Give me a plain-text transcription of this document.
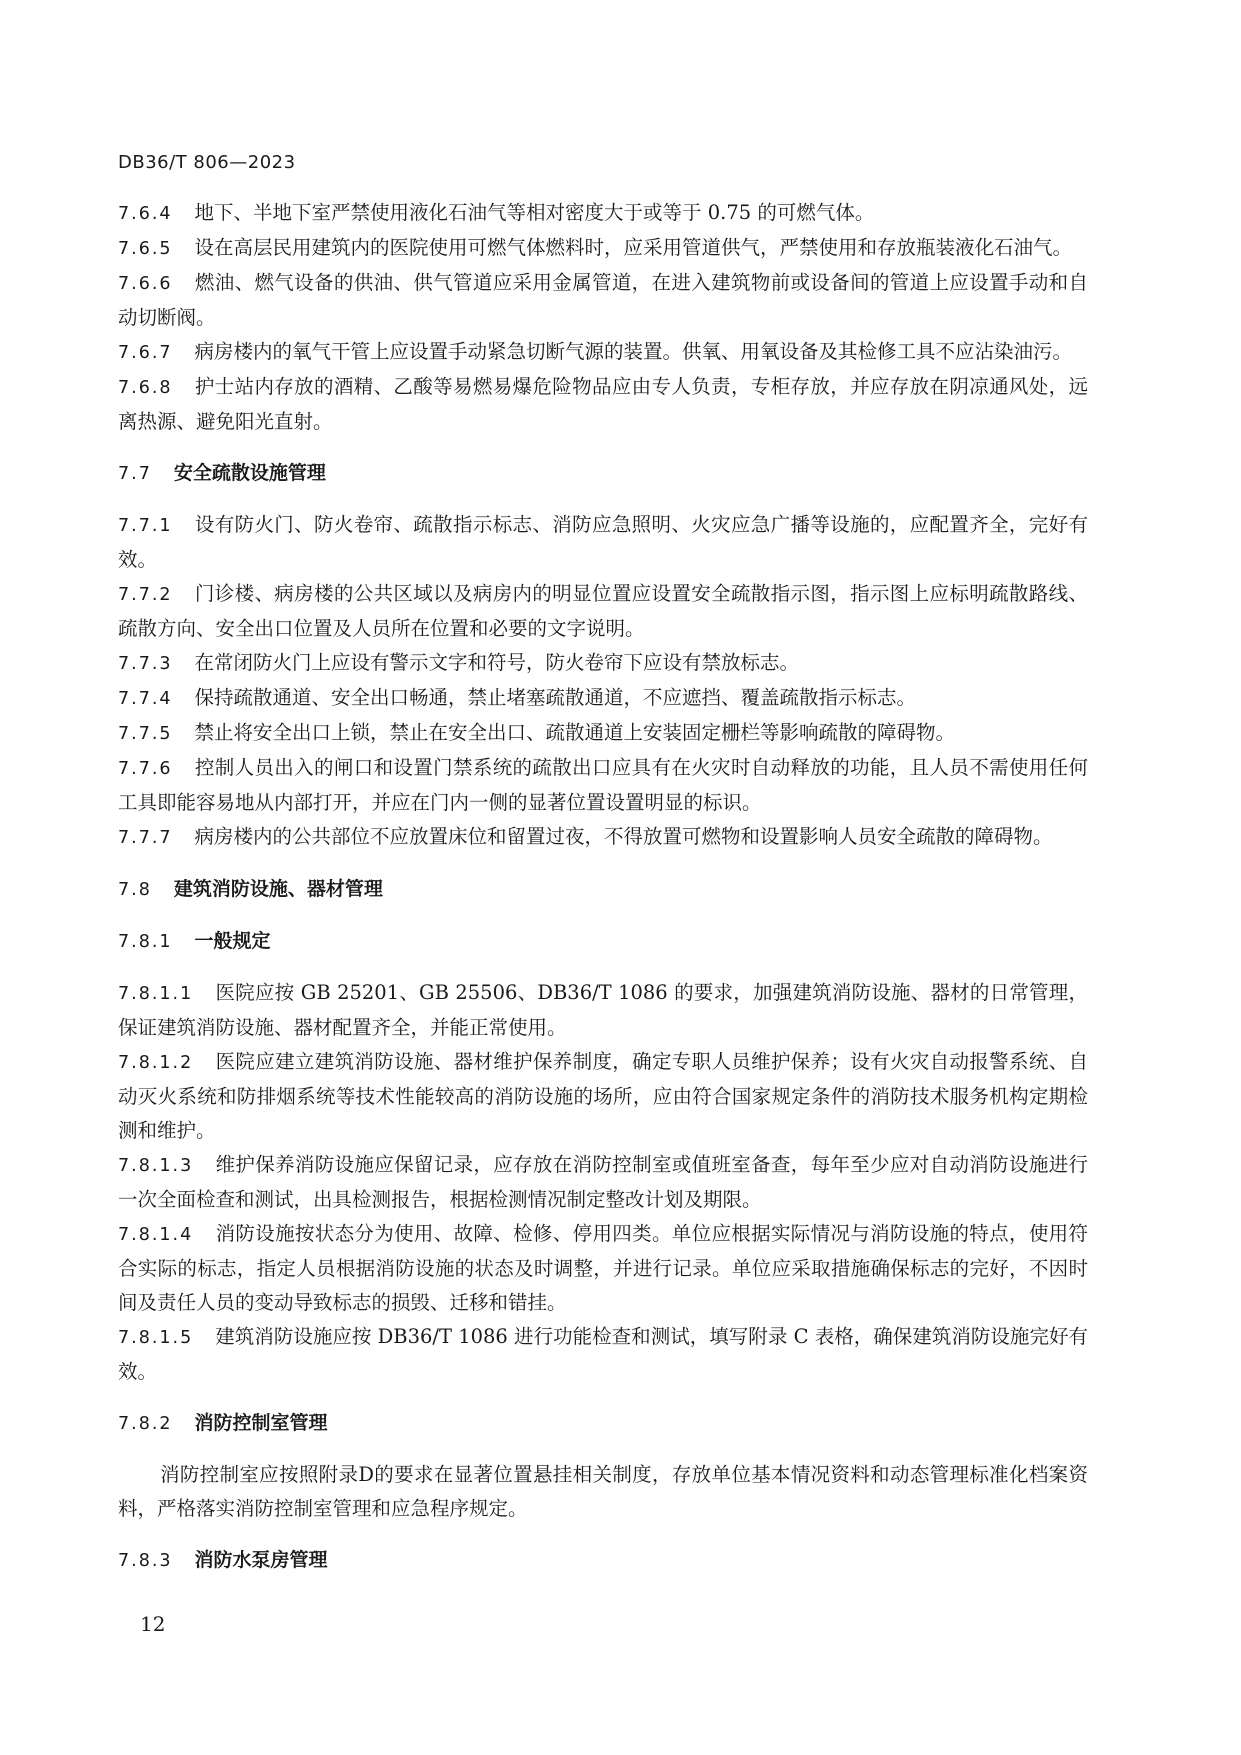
DB36/T 806—2023

7.6.4 地下、半地下室严禁使用液化石油气等相对密度大于或等于 0.75 的可燃气体。

7.6.5 设在高层民用建筑内的医院使用可燃气体燃料时，应采用管道供气，严禁使用和存放瓶装液化石油气。

7.6.6 燃油、燃气设备的供油、供气管道应采用金属管道，在进入建筑物前或设备间的管道上应设置手动和自动切断阀。

7.6.7 病房楼内的氧气干管上应设置手动紧急切断气源的装置。供氧、用氧设备及其检修工具不应沾染油污。

7.6.8 护士站内存放的酒精、乙酸等易燃易爆危险物品应由专人负责，专柜存放，并应存放在阴凉通风处，远离热源、避免阳光直射。

7.7 安全疏散设施管理

7.7.1 设有防火门、防火卷帘、疏散指示标志、消防应急照明、火灾应急广播等设施的，应配置齐全，完好有效。

7.7.2 门诊楼、病房楼的公共区域以及病房内的明显位置应设置安全疏散指示图，指示图上应标明疏散路线、疏散方向、安全出口位置及人员所在位置和必要的文字说明。

7.7.3 在常闭防火门上应设有警示文字和符号，防火卷帘下应设有禁放标志。

7.7.4 保持疏散通道、安全出口畅通，禁止堵塞疏散通道，不应遮挡、覆盖疏散指示标志。

7.7.5 禁止将安全出口上锁，禁止在安全出口、疏散通道上安装固定栅栏等影响疏散的障碍物。

7.7.6 控制人员出入的闸口和设置门禁系统的疏散出口应具有在火灾时自动释放的功能，且人员不需使用任何工具即能容易地从内部打开，并应在门内一侧的显著位置设置明显的标识。

7.7.7 病房楼内的公共部位不应放置床位和留置过夜，不得放置可燃物和设置影响人员安全疏散的障碍物。

7.8 建筑消防设施、器材管理
7.8.1 一般规定

7.8.1.1 医院应按 GB 25201、GB 25506、DB36/T 1086 的要求，加强建筑消防设施、器材的日常管理，保证建筑消防设施、器材配置齐全，并能正常使用。

7.8.1.2 医院应建立建筑消防设施、器材维护保养制度，确定专职人员维护保养；设有火灾自动报警系统、自动灭火系统和防排烟系统等技术性能较高的消防设施的场所，应由符合国家规定条件的消防技术服务机构定期检测和维护。

7.8.1.3 维护保养消防设施应保留记录，应存放在消防控制室或值班室备查，每年至少应对自动消防设施进行一次全面检查和测试，出具检测报告，根据检测情况制定整改计划及期限。

7.8.1.4 消防设施按状态分为使用、故障、检修、停用四类。单位应根据实际情况与消防设施的特点，使用符合实际的标志，指定人员根据消防设施的状态及时调整，并进行记录。单位应采取措施确保标志的完好，不因时间及责任人员的变动导致标志的损毁、迁移和错挂。

7.8.1.5 建筑消防设施应按 DB36/T 1086 进行功能检查和测试，填写附录 C 表格，确保建筑消防设施完好有效。

7.8.2 消防控制室管理

消防控制室应按照附录D的要求在显著位置悬挂相关制度，存放单位基本情况资料和动态管理标准化档案资料，严格落实消防控制室管理和应急程序规定。

7.8.3 消防水泵房管理
12
